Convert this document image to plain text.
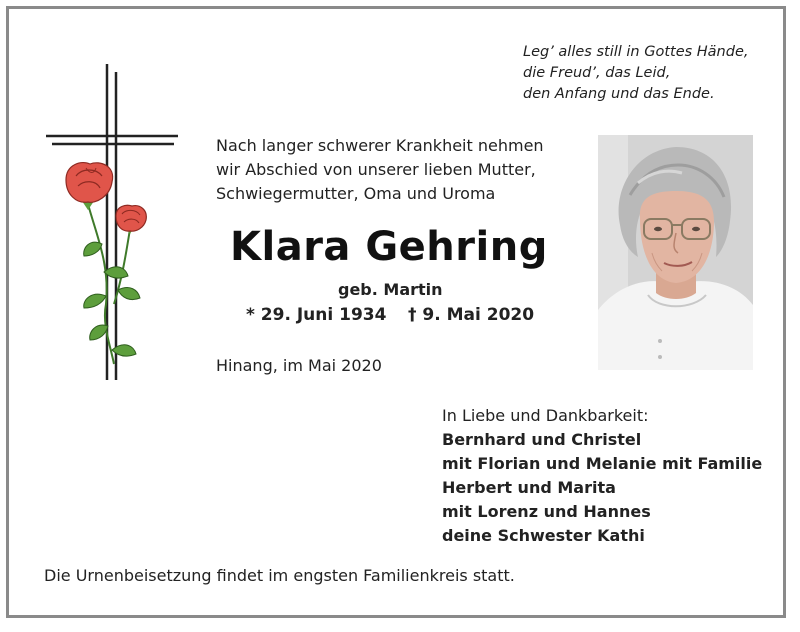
Leg’ alles still in Gottes Hände,
die Freud’, das Leid,
den Anfang und das Ende.
Nach langer schwerer Krankheit nehmen
wir Abschied von unserer lieben Mutter,
Schwiegermutter, Oma und Uroma
Klara Gehring
geb. Martin
* 29. Juni 1934 † 9. Mai 2020
Hinang, im Mai 2020
In Liebe und Dankbarkeit:
Bernhard und Christel
mit Florian und Melanie mit Familie
Herbert und Marita
mit Lorenz und Hannes
deine Schwester Kathi
Die Urnenbeisetzung findet im engsten Familienkreis statt.
